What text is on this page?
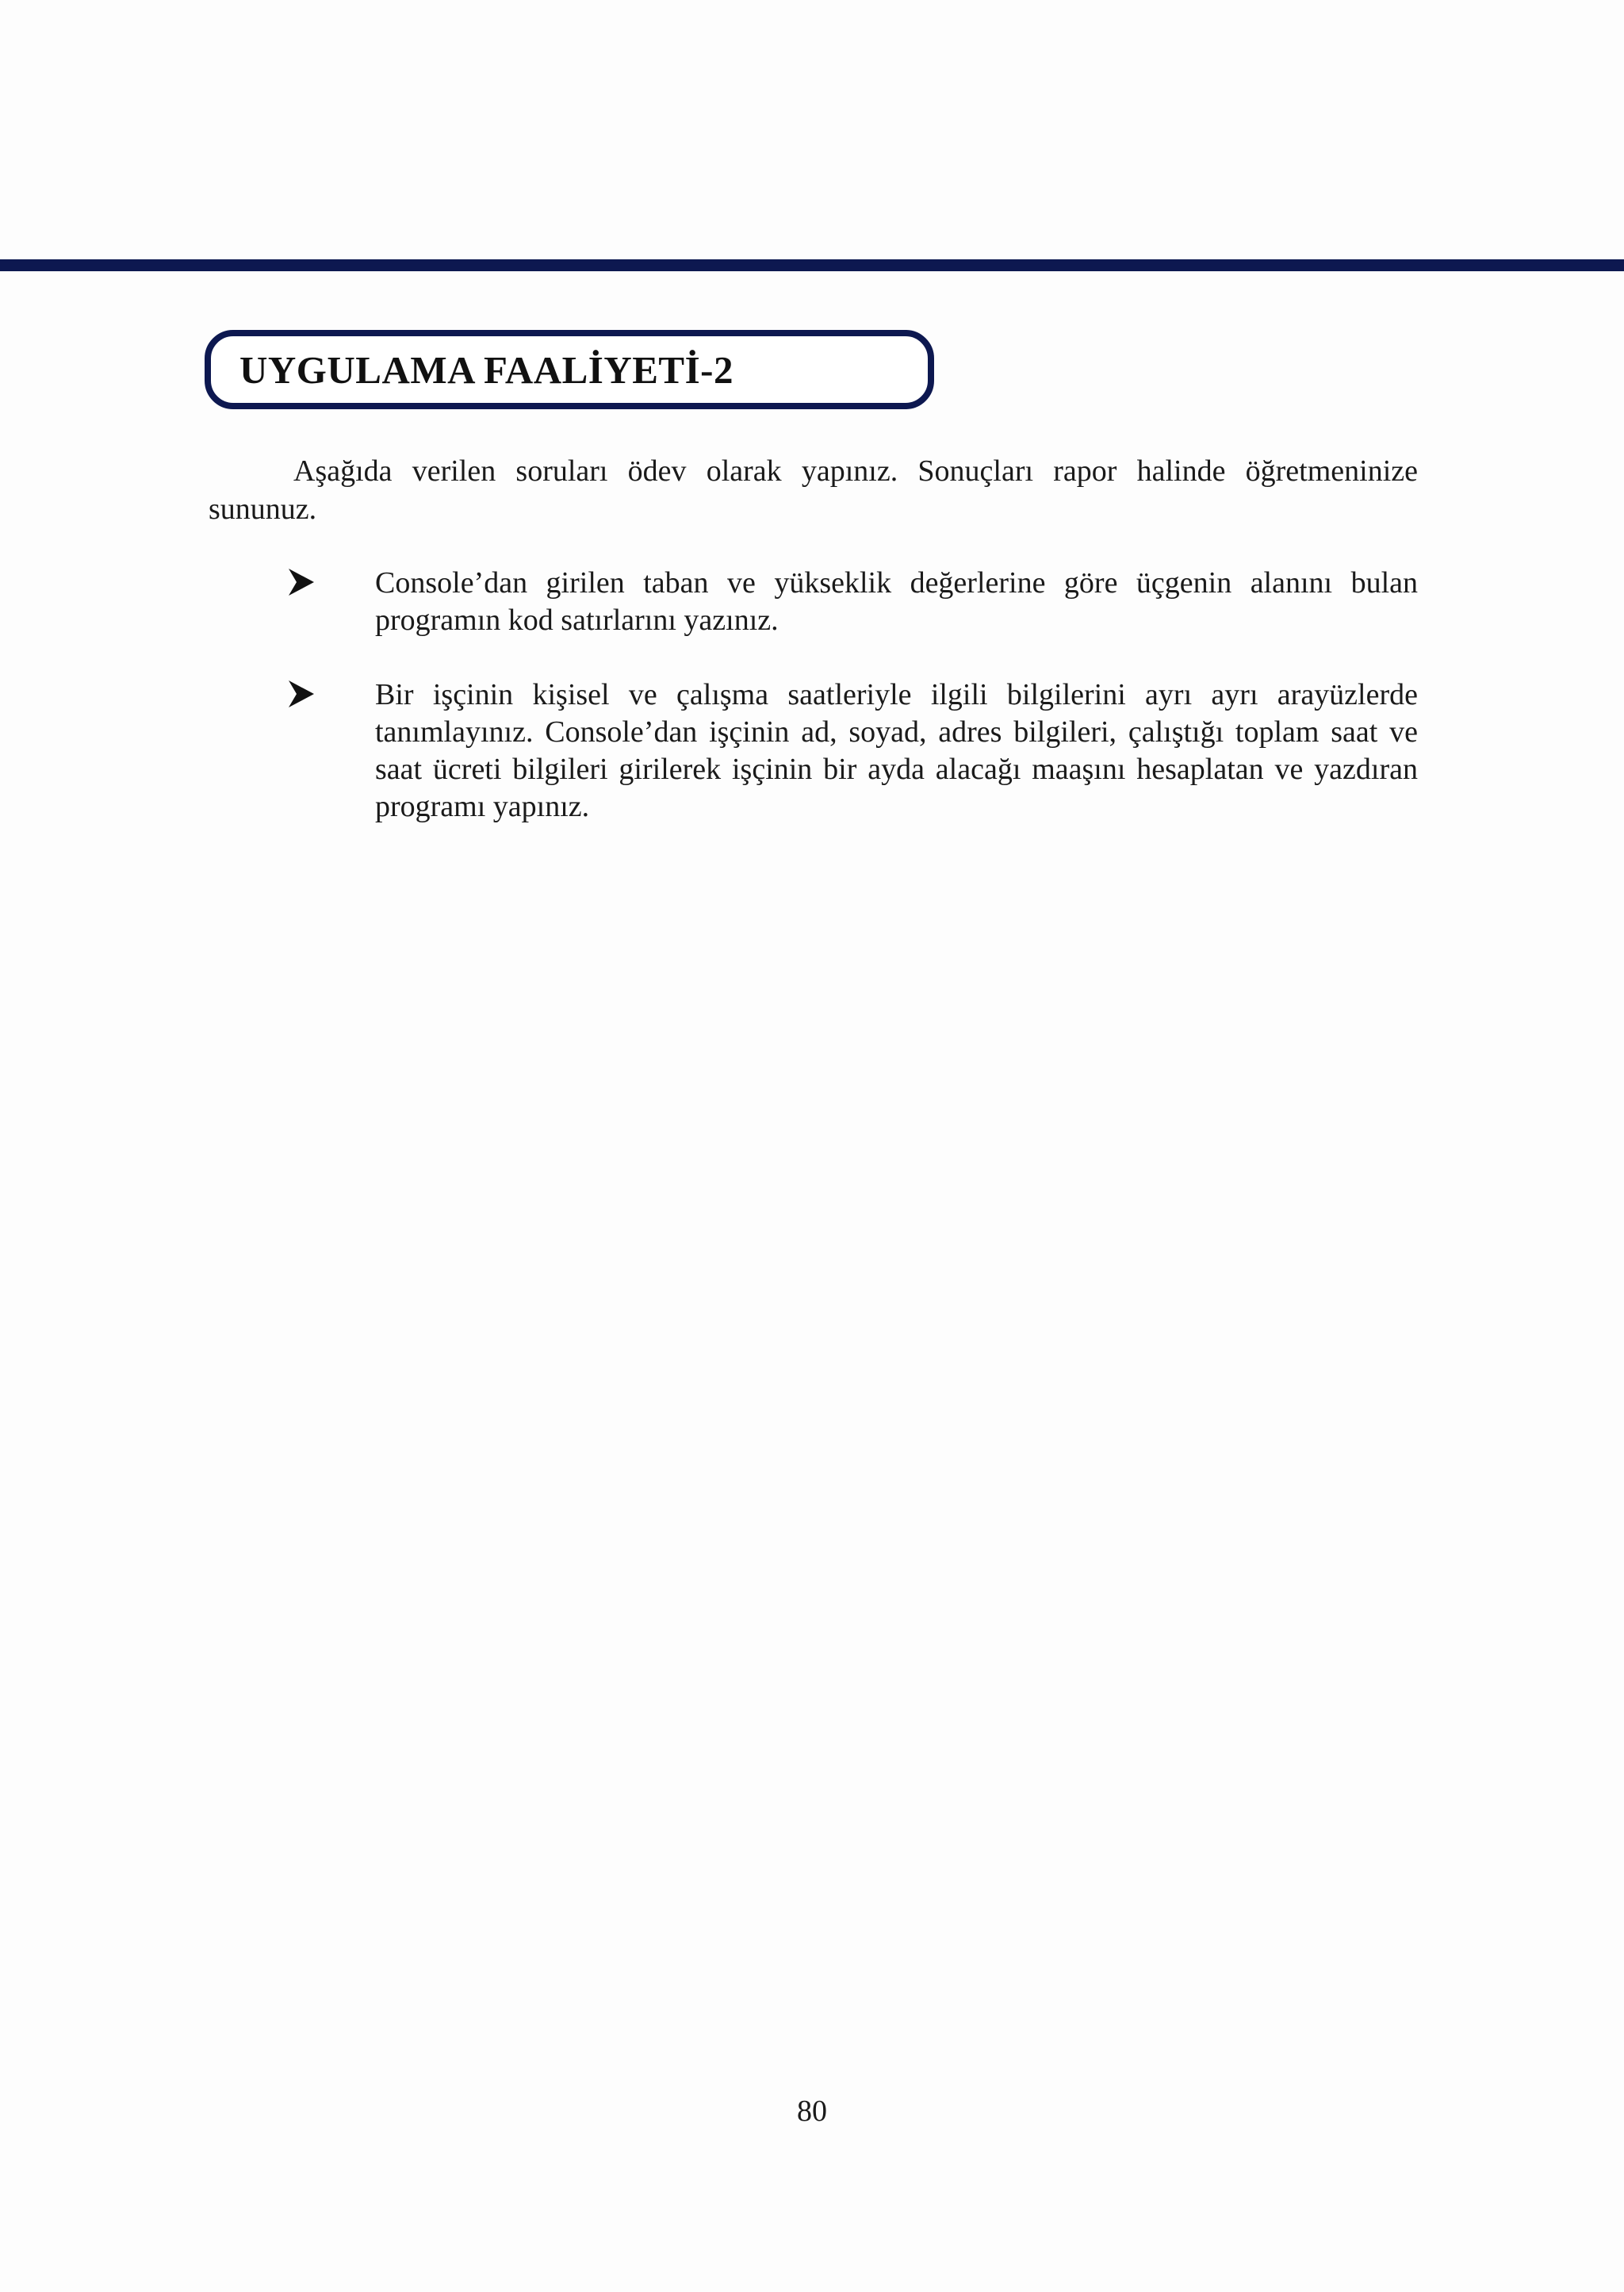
UYGULAMA FAALİYETİ-2

Aşağıda verilen soruları ödev olarak yapınız. Sonuçları rapor halinde öğretmeninize sununuz.

Console’dan girilen taban ve yükseklik değerlerine göre üçgenin alanını bulan programın kod satırlarını yazınız.

Bir işçinin kişisel ve çalışma saatleriyle ilgili bilgilerini ayrı ayrı arayüzlerde tanımlayınız. Console’dan işçinin ad, soyad, adres bilgileri, çalıştığı toplam saat ve saat ücreti bilgileri girilerek işçinin bir ayda alacağı maaşını hesaplatan ve yazdıran programı yapınız.

80
